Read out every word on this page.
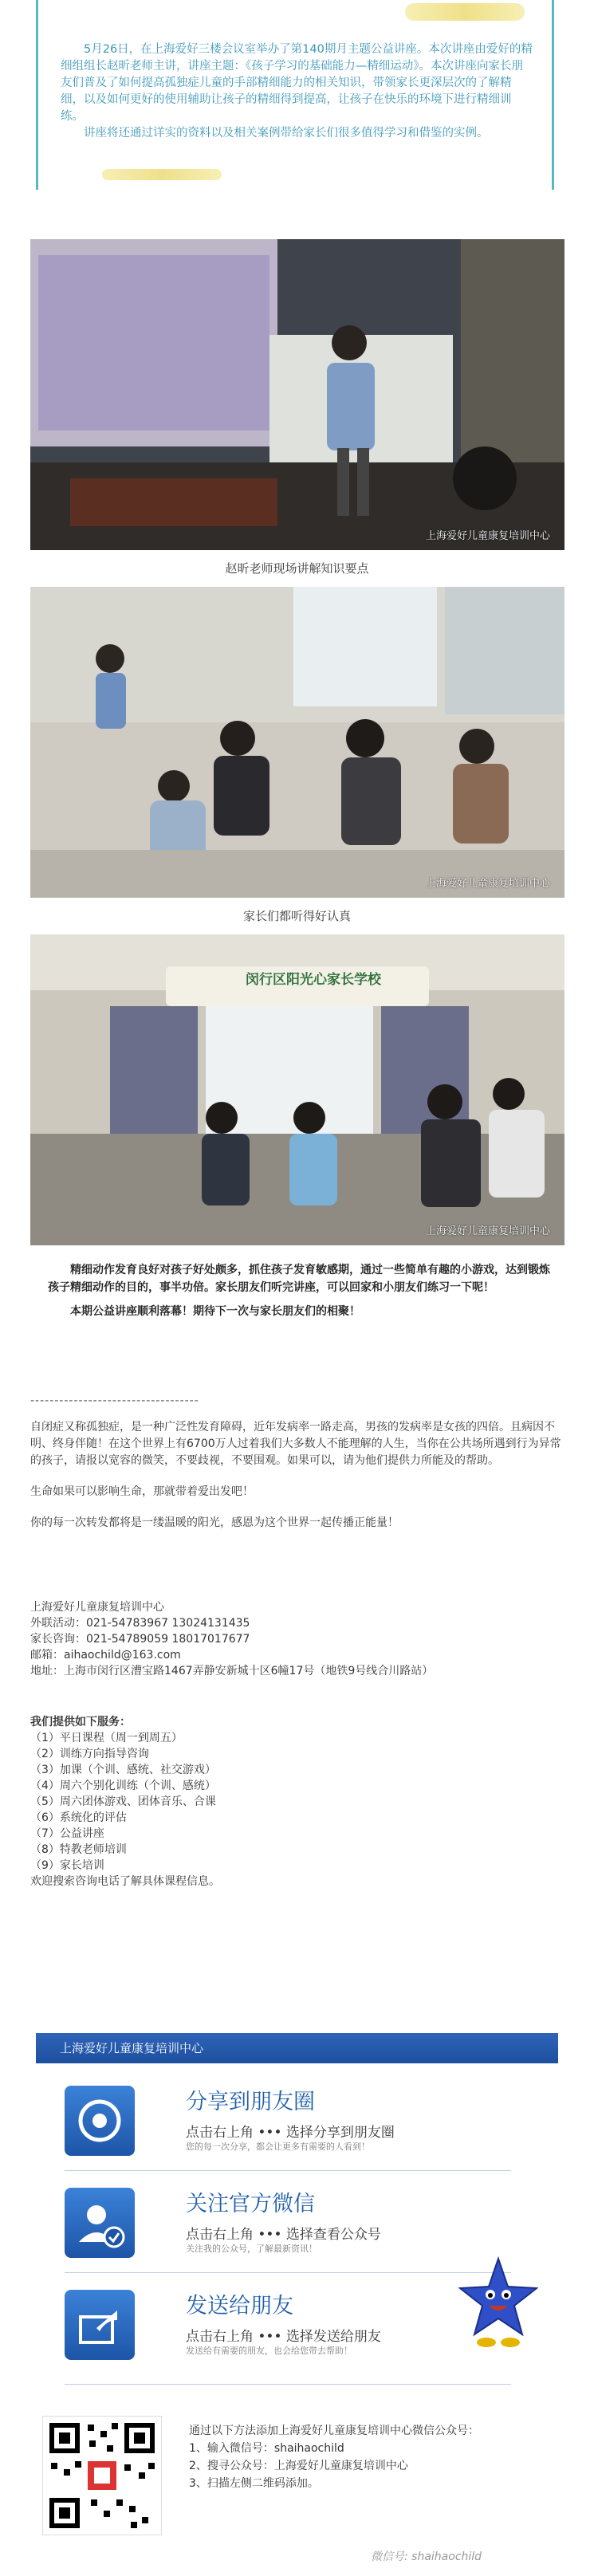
5月26日，在上海爱好三楼会议室举办了第140期月主题公益讲座。本次讲座由爱好的精细组组长赵昕老师主讲，讲座主题：《孩子学习的基础能力—精细运动》。本次讲座向家长朋友们普及了如何提高孤独症儿童的手部精细能力的相关知识，带领家长更深层次的了解精细，以及如何更好的使用辅助让孩子的精细得到提高，让孩子在快乐的环境下进行精细训练。

讲座将还通过详实的资料以及相关案例带给家长们很多值得学习和借鉴的实例。

上海爱好儿童康复培训中心
赵昕老师现场讲解知识要点
上海爱好儿童康复培训中心
家长们都听得好认真
闵行区阳光心家长学校
上海爱好儿童康复培训中心

精细动作发育良好对孩子好处颇多，抓住孩子发育敏感期，通过一些简单有趣的小游戏，达到锻炼孩子精细动作的目的，事半功倍。家长朋友们听完讲座，可以回家和小朋友们练习一下呢！

本期公益讲座顺利落幕！期待下一次与家长朋友们的相聚！

-----------------------------------

自闭症又称孤独症，是一种广泛性发育障碍，近年发病率一路走高，男孩的发病率是女孩的四倍。且病因不明、终身伴随！在这个世界上有6700万人过着我们大多数人不能理解的人生，当你在公共场所遇到行为异常的孩子，请报以宽容的微笑，不要歧视，不要围观。如果可以，请为他们提供力所能及的帮助。

生命如果可以影响生命，那就带着爱出发吧！

你的每一次转发都将是一缕温暖的阳光，感恩为这个世界一起传播正能量！

上海爱好儿童康复培训中心
外联活动：021-54783967 13024131435
家长咨询：021-54789059 18017017677
邮箱：aihaochild@163.com
地址：上海市闵行区漕宝路1467弄静安新城十区6幢17号（地铁9号线合川路站）
我们提供如下服务：
（1）平日课程（周一到周五）
（2）训练方向指导咨询
（3）加课（个训、感统、社交游戏）
（4）周六个别化训练（个训、感统）
（5）周六团体游戏、团体音乐、合课
（6）系统化的评估
（7）公益讲座
（8）特教老师培训
（9）家长培训
欢迎搜索咨询电话了解具体课程信息。
上海爱好儿童康复培训中心
分享到朋友圈
点击右上角 ••• 选择分享到朋友圈
您的每一次分享，都会让更多有需要的人看到！
关注官方微信
点击右上角 ••• 选择查看公众号
关注我的公众号，了解最新资讯！
发送给朋友
点击右上角 ••• 选择发送给朋友
发送给有需要的朋友，也会给您带去帮助！
通过以下方法添加上海爱好儿童康复培训中心微信公众号：
1、输入微信号：shaihaochild
2、搜寻公众号：上海爱好儿童康复培训中心
3、扫描左侧二维码添加。
微信号: shaihaochild
